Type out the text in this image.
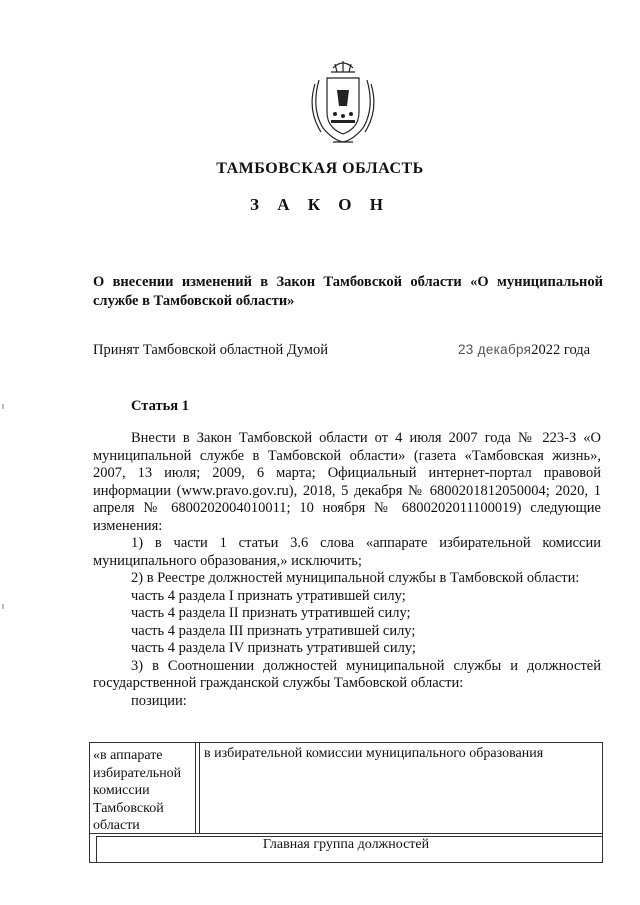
ТАМБОВСКАЯ ОБЛАСТЬ
З А К О Н
О внесении изменений в Закон Тамбовской области «О муниципальной службе в Тамбовской области»
Принят Тамбовской областной Думой	23 декабря2022 года
Статья 1

Внести в Закон Тамбовской области от 4 июля 2007 года № 223-З «О муниципальной службе в Тамбовской области» (газета «Тамбовская жизнь», 2007, 13 июля; 2009, 6 марта; Официальный интернет-портал правовой информации (www.pravo.gov.ru), 2018, 5 декабря № 6800201812050004; 2020, 1 апреля № 6800202004010011; 10 ноября № 6800202011100019) следующие изменения:

1) в части 1 статьи 3.6 слова «аппарате избирательной комиссии муниципального образования,» исключить;

2) в Реестре должностей муниципальной службы в Тамбовской области:

часть 4 раздела I признать утратившей силу;

часть 4 раздела II признать утратившей силу;

часть 4 раздела III признать утратившей силу;

часть 4 раздела IV признать утратившей силу;

3) в Соотношении должностей муниципальной службы и должностей государственной гражданской службы Тамбовской области:

позиции:

«в аппарате
избирательной
комиссии
Тамбовской
области
в избирательной комиссии муниципального образования
Главная группа должностей
